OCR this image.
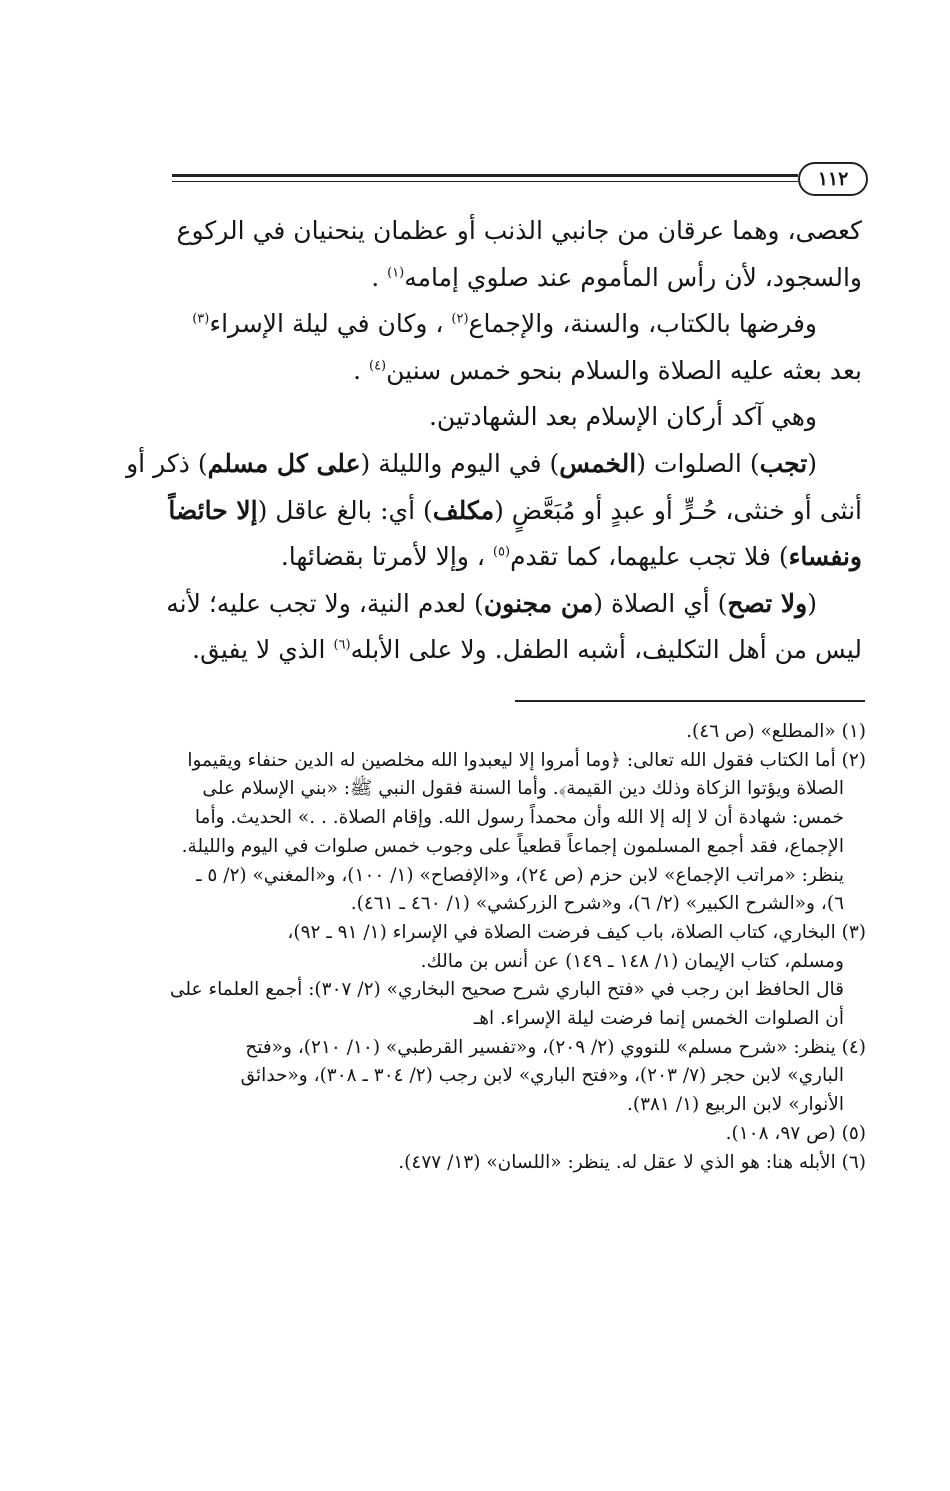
١١٢
كعصى، وهما عرقان من جانبي الذنب أو عظمان ينحنيان في الركوع
والسجود، لأن رأس المأموم عند صلوي إمامه$^{(١)}$ .
وفرضها بالكتاب، والسنة، والإجماع$^{(٢)}$ ، وكان في ليلة الإسراء$^{(٣)}$
بعد بعثه عليه الصلاة والسلام بنحو خمس سنين$^{(٤)}$ .
وهي آكد أركان الإسلام بعد الشهادتين.
(تجب) الصلوات (الخمس) في اليوم والليلة (على كل مسلم) ذكر أو
أنثى أو خنثى، حُـرٍّ أو عبدٍ أو مُبَعَّضٍ (مكلف) أي: بالغ عاقل (إلا حائضاً
ونفساء) فلا تجب عليهما، كما تقدم$^{(٥)}$ ، وإلا لأمرتا بقضائها.
(ولا تصح) أي الصلاة (من مجنون) لعدم النية، ولا تجب عليه؛ لأنه
ليس من أهل التكليف، أشبه الطفل. ولا على الأبله$^{(٦)}$ الذي لا يفيق.
(١) «المطلع» (ص ٤٦).
(٢) أما الكتاب فقول الله تعالى: ﴿وما أمروا إلا ليعبدوا الله مخلصين له الدين حنفاء ويقيموا
الصلاة ويؤتوا الزكاة وذلك دين القيمة﴾. وأما السنة فقول النبي ﷺ: «بني الإسلام على
خمس: شهادة أن لا إله إلا الله وأن محمداً رسول الله. وإقام الصلاة. . .» الحديث. وأما
الإجماع، فقد أجمع المسلمون إجماعاً قطعياً على وجوب خمس صلوات في اليوم والليلة.
ينظر: «مراتب الإجماع» لابن حزم (ص ٢٤)، و«الإفصاح» (١/ ١٠٠)، و«المغني» (٢/ ٥ ـ
٦)، و«الشرح الكبير» (٢/ ٦)، و«شرح الزركشي» (١/ ٤٦٠ ـ ٤٦١).
(٣) البخاري، كتاب الصلاة، باب كيف فرضت الصلاة في الإسراء (١/ ٩١ ـ ٩٢)،
ومسلم، كتاب الإيمان (١/ ١٤٨ ـ ١٤٩) عن أنس بن مالك.
قال الحافظ ابن رجب في «فتح الباري شرح صحيح البخاري» (٢/ ٣٠٧): أجمع العلماء على
أن الصلوات الخمس إنما فرضت ليلة الإسراء. اهـ
(٤) ينظر: «شرح مسلم» للنووي (٢/ ٢٠٩)، و«تفسير القرطبي» (١٠/ ٢١٠)، و«فتح
الباري» لابن حجر (٧/ ٢٠٣)، و«فتح الباري» لابن رجب (٢/ ٣٠٤ ـ ٣٠٨)، و«حدائق
الأنوار» لابن الربيع (١/ ٣٨١).
(٥) (ص ٩٧، ١٠٨).
(٦) الأبله هنا: هو الذي لا عقل له. ينظر: «اللسان» (١٣/ ٤٧٧).
